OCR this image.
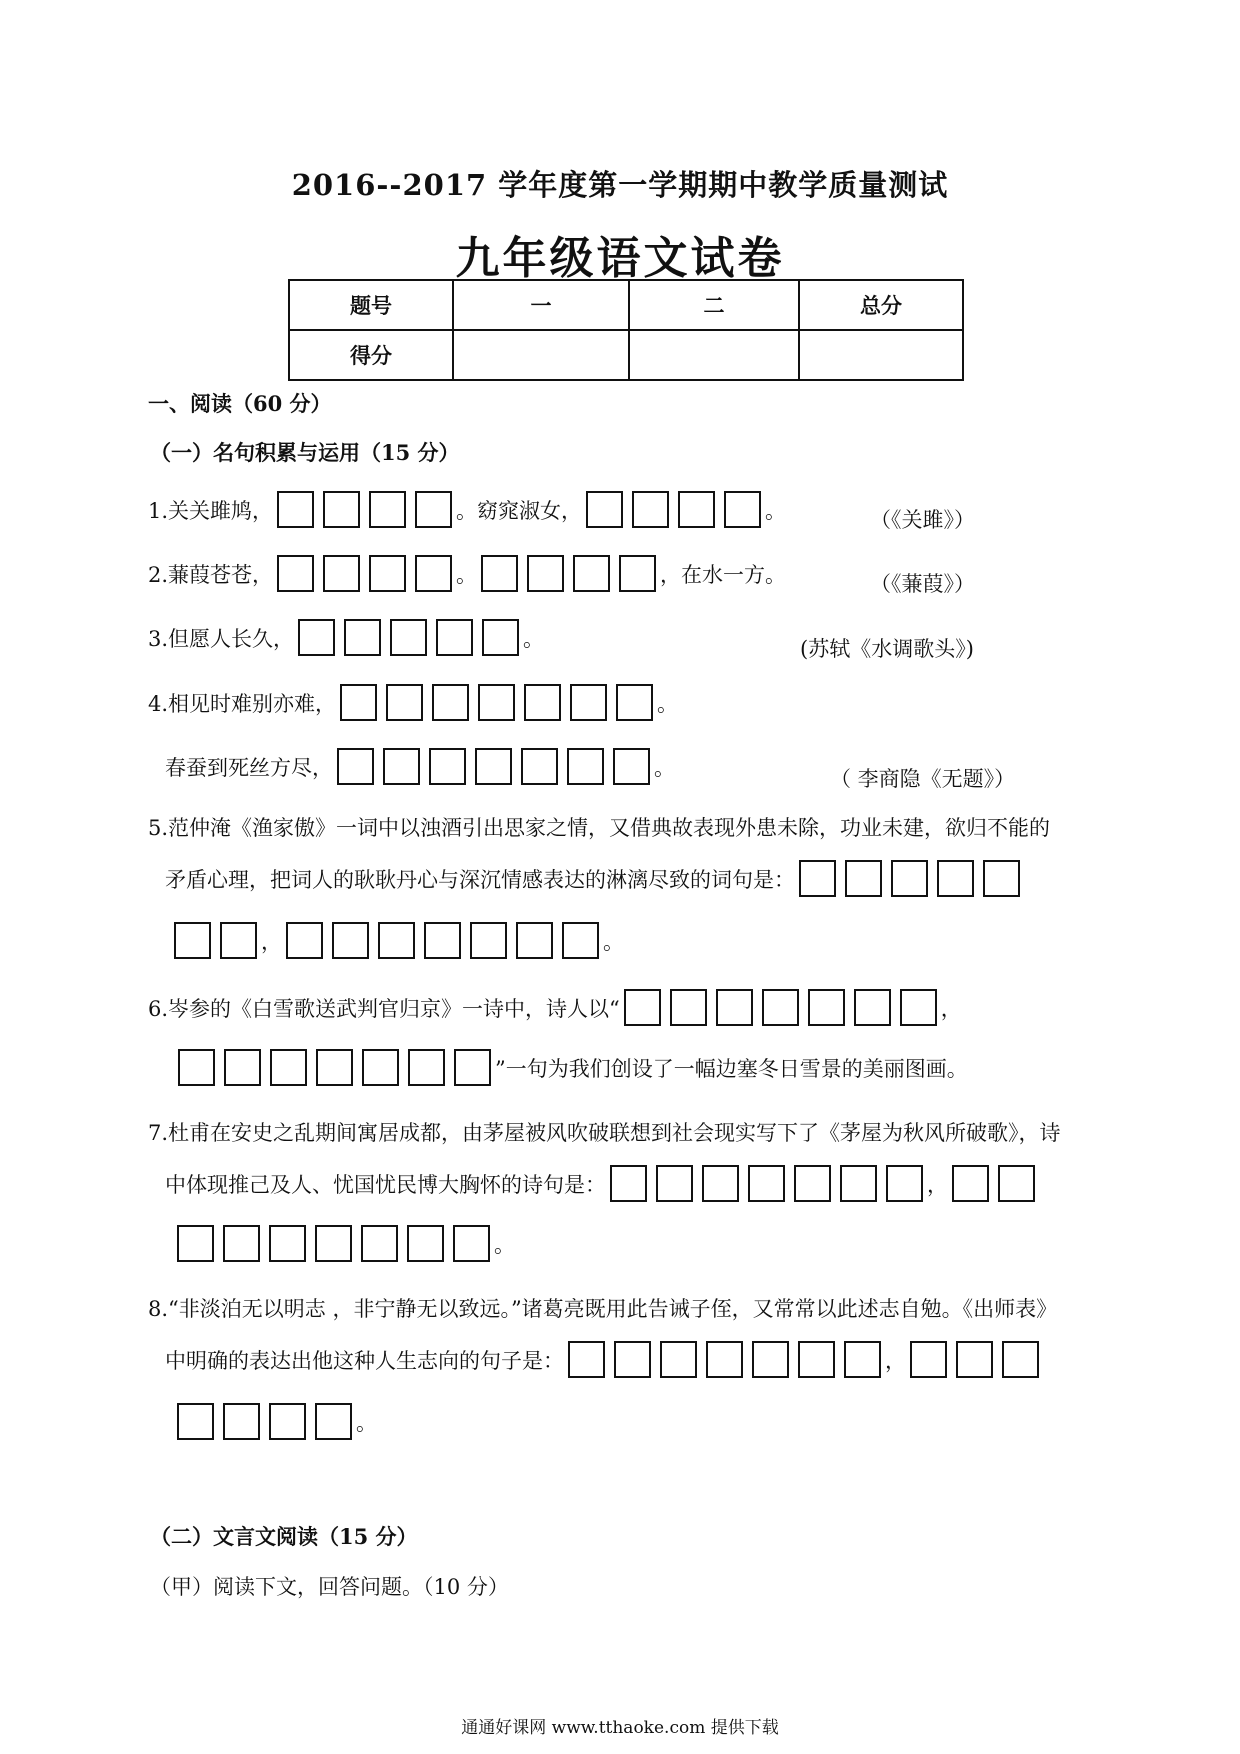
2016--2017 学年度第一学期期中教学质量测试
九年级语文试卷
题号	一	二	总分
得分			
一、阅读（60 分）
（一）名句积累与运用（15 分）
1.关关雎鸠，	。窈窕淑女，	。	（《关雎》）
2.蒹葭苍苍，	。	，在水一方。	（《蒹葭》）
3.但愿人长久，	。	(苏轼《水调歌头》)
4.相见时难别亦难，	。
春蚕到死丝方尽，	。	（ 李商隐《无题》）
5.范仲淹《渔家傲》一词中以浊酒引出思家之情，又借典故表现外患未除，功业未建，欲归不能的
矛盾心理，把词人的耿耿丹心与深沉情感表达的淋漓尽致的词句是：
，	。
6.岑参的《白雪歌送武判官归京》一诗中，诗人以“	，
”一句为我们创设了一幅边塞冬日雪景的美丽图画。
7.杜甫在安史之乱期间寓居成都，由茅屋被风吹破联想到社会现实写下了《茅屋为秋风所破歌》，诗
中体现推己及人、忧国忧民博大胸怀的诗句是：	，
。
8.“非淡泊无以明志 ，非宁静无以致远。”诸葛亮既用此告诫子侄，又常常以此述志自勉。《出师表》
中明确的表达出他这种人生志向的句子是：	，
。
（二）文言文阅读（15 分）
（甲）阅读下文，回答问题。（10 分）
通通好课网 www.tthaoke.com 提供下载
